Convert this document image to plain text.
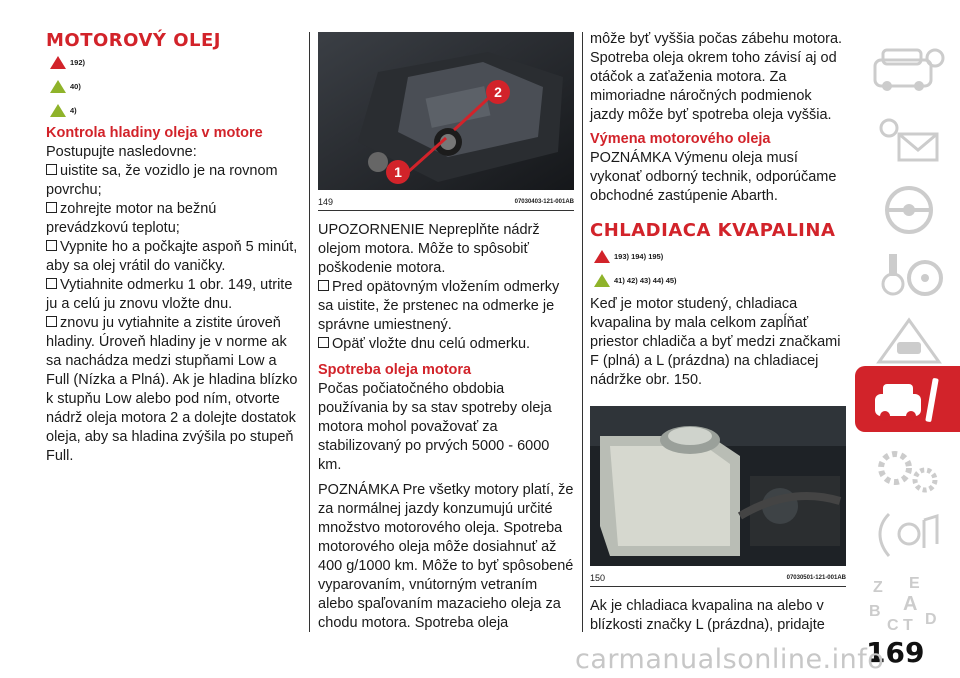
MOTOROVÝ OLEJ
192)
40)
4)
Kontrola hladiny oleja v motore

Postupujte nasledovne:

uistite sa, že vozidlo je na rovnom povrchu;
zohrejte motor na bežnú prevádzkovú teplotu;
Vypnite ho a počkajte aspoň 5 minút, aby sa olej vrátil do vaničky.
Vytiahnite odmerku 1 obr. 149, utrite ju a celú ju znovu vložte dnu.
znovu ju vytiahnite a zistite úroveň hladiny. Úroveň hladiny je v norme ak sa nachádza medzi stupňami Low a Full (Nízka a Plná). Ak je hladina blízko k stupňu Low alebo pod ním, otvorte nádrž oleja motora 2 a dolejte dostatok oleja, aby sa hladina zvýšila po stupeň Full.
1
2
149	07030403-121-001AB

UPOZORNENIE Nepreplňte nádrž olejom motora. Môže to spôsobiť poškodenie motora.

Pred opätovným vložením odmerky sa uistite, že prstenec na odmerke je správne umiestnený.
Opäť vložte dnu celú odmerku.
Spotreba oleja motora

Počas počiatočného obdobia používania by sa stav spotreby oleja motora mohol považovať za stabilizovaný po prvých 5000 - 6000 km.

POZNÁMKA Pre všetky motory platí, že za normálnej jazdy konzumujú určité množstvo motorového oleja. Spotreba motorového oleja môže dosiahnuť až 400 g/1000 km. Môže to byť spôsobené vyparovaním, vnútorným vetraním alebo spaľovaním mazacieho oleja za chodu motora. Spotreba oleja

môže byť vyššia počas zábehu motora. Spotreba oleja okrem toho závisí aj od otáčok a zaťaženia motora. Za mimoriadne náročných podmienok jazdy môže byť spotreba oleja vyššia.

Výmena motorového oleja

POZNÁMKA Výmenu oleja musí vykonať odborný technik, odporúčame obchodné zastúpenie Abarth.

CHLADIACA KVAPALINA
193) 194) 195)
41) 42) 43) 44) 45)

Keď je motor studený, chladiaca kvapalina by mala celkom zapĺňať priestor chladiča a byť medzi značkami F (plná) a L (prázdna) na chladiacej nádržke obr. 150.

150	07030501-121-001AB

Ak je chladiaca kvapalina na alebo v blízkosti značky L (prázdna), pridajte

Z E
B A
C T D
169
carmanualsonline.info
